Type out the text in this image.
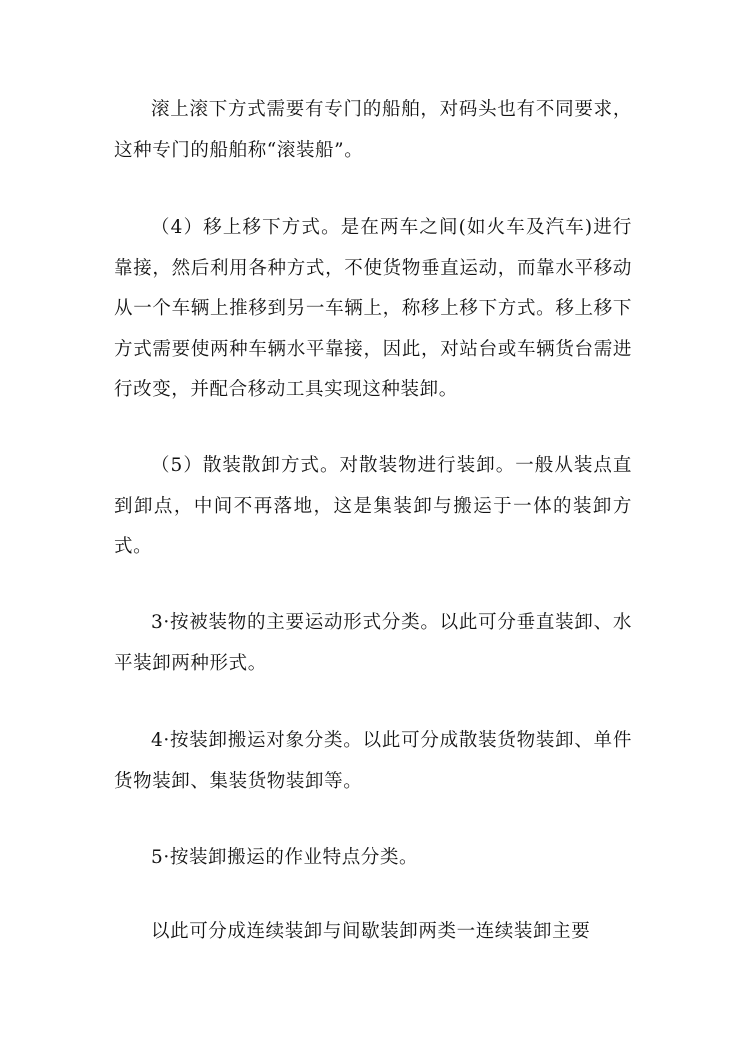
滚上滚下方式需要有专门的船舶，对码头也有不同要求，这种专门的船舶称“滚装船”。

（4）移上移下方式。是在两车之间(如火车及汽车)进行靠接，然后利用各种方式，不使货物垂直运动，而靠水平移动从一个车辆上推移到另一车辆上，称移上移下方式。移上移下方式需要使两种车辆水平靠接，因此，对站台或车辆货台需进行改变，并配合移动工具实现这种装卸。

（5）散装散卸方式。对散装物进行装卸。一般从装点直到卸点，中间不再落地，这是集装卸与搬运于一体的装卸方式。

3·按被装物的主要运动形式分类。以此可分垂直装卸、水平装卸两种形式。

4·按装卸搬运对象分类。以此可分成散装货物装卸、单件货物装卸、集装货物装卸等。

5·按装卸搬运的作业特点分类。

以此可分成连续装卸与间歇装卸两类一连续装卸主要
